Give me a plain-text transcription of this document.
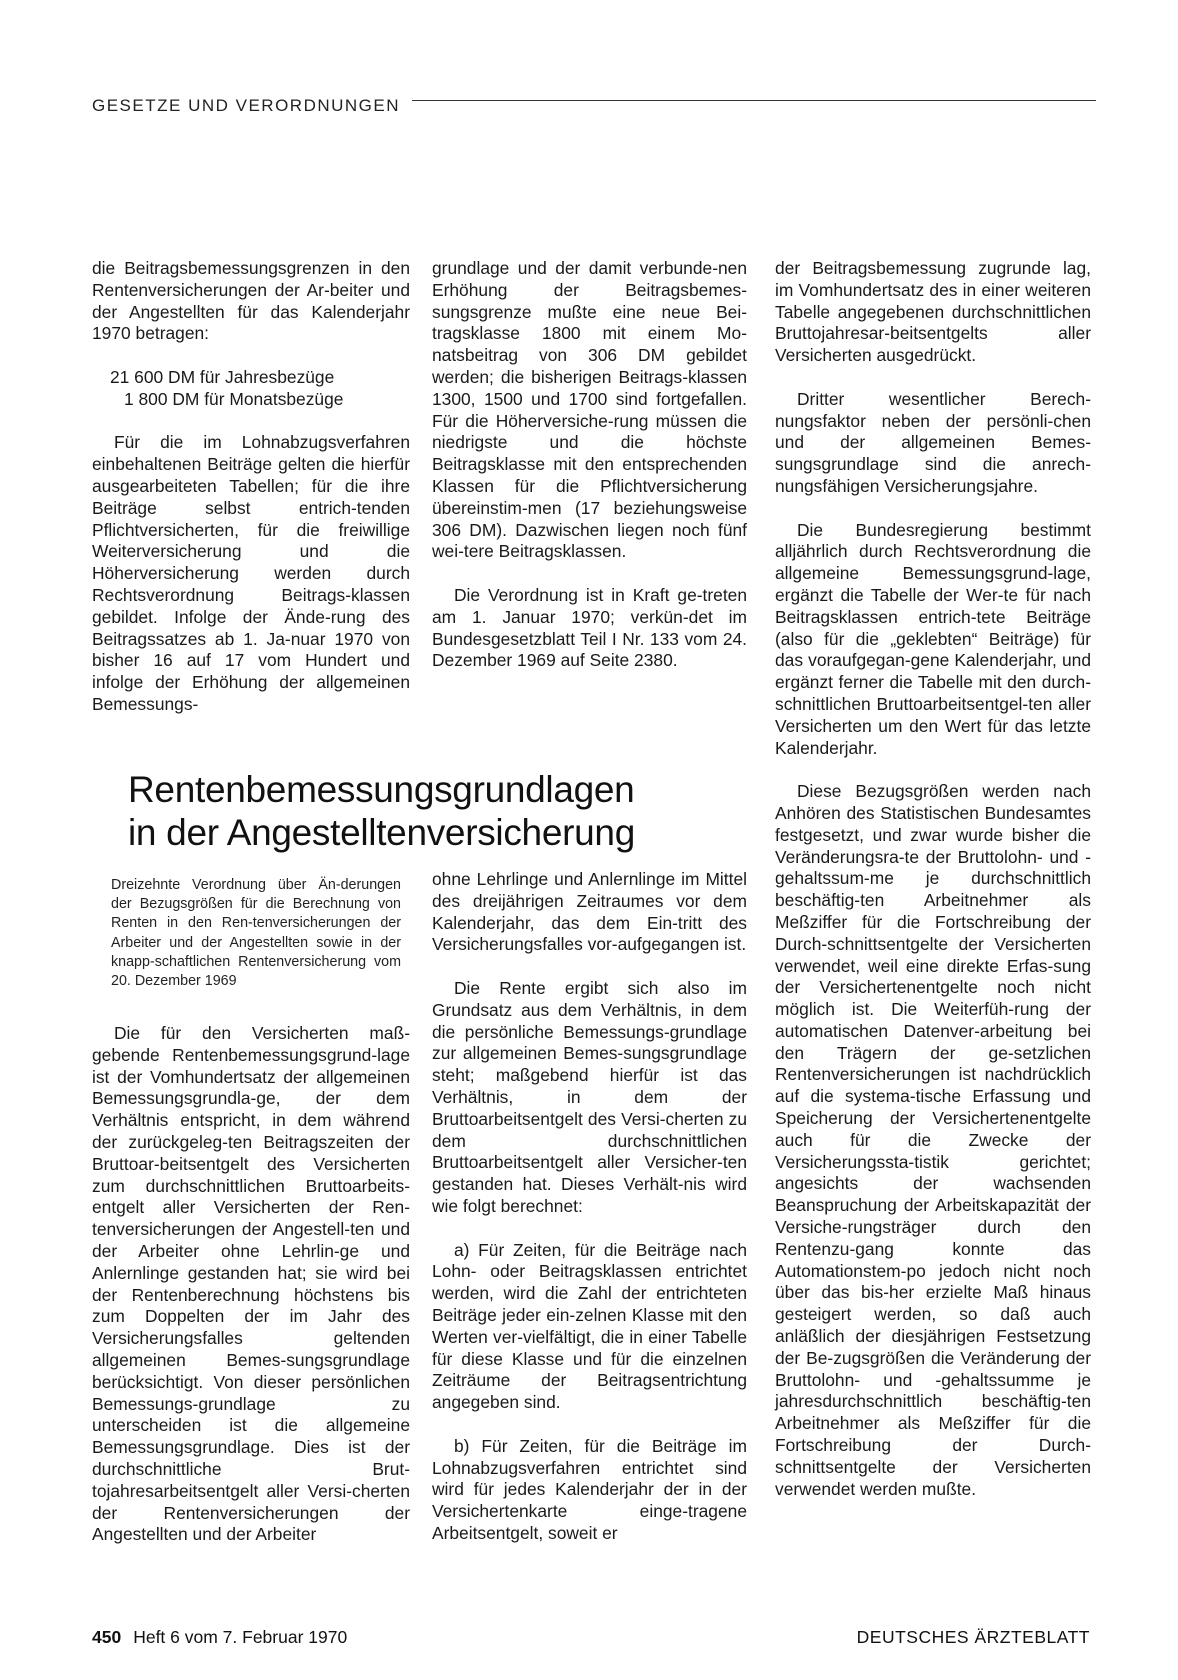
GESETZE UND VERORDNUNGEN

die Beitragsbemessungsgrenzen in den Rentenversicherungen der Ar-beiter und der Angestellten für das Kalenderjahr 1970 betragen:

21 600 DM für Jahresbezüge
1 800 DM für Monatsbezüge

Für die im Lohnabzugsverfahren einbehaltenen Beiträge gelten die hierfür ausgearbeiteten Tabellen; für die ihre Beiträge selbst entrich-tenden Pflichtversicherten, für die freiwillige Weiterversicherung und die Höherversicherung werden durch Rechtsverordnung Beitrags-klassen gebildet. Infolge der Ände-rung des Beitragssatzes ab 1. Ja-nuar 1970 von bisher 16 auf 17 vom Hundert und infolge der Erhöhung der allgemeinen Bemessungs-

grundlage und der damit verbunde-nen Erhöhung der Beitragsbemes-sungsgrenze mußte eine neue Bei-tragsklasse 1800 mit einem Mo-natsbeitrag von 306 DM gebildet werden; die bisherigen Beitrags-klassen 1300, 1500 und 1700 sind fortgefallen. Für die Höherversiche-rung müssen die niedrigste und die höchste Beitragsklasse mit den entsprechenden Klassen für die Pflichtversicherung übereinstim-men (17 beziehungsweise 306 DM). Dazwischen liegen noch fünf wei-tere Beitragsklassen.

Die Verordnung ist in Kraft ge-treten am 1. Januar 1970; verkün-det im Bundesgesetzblatt Teil I Nr. 133 vom 24. Dezember 1969 auf Seite 2380.

Rentenbemessungsgrundlagen
in der Angestelltenversicherung
Dreizehnte Verordnung über Än-derungen der Bezugsgrößen für die Berechnung von Renten in den Ren-tenversicherungen der Arbeiter und der Angestellten sowie in der knapp-schaftlichen Rentenversicherung vom 20. Dezember 1969

Die für den Versicherten maß-gebende Rentenbemessungsgrund-lage ist der Vomhundertsatz der allgemeinen Bemessungsgrundla-ge, der dem Verhältnis entspricht, in dem während der zurückgeleg-ten Beitragszeiten der Bruttoar-beitsentgelt des Versicherten zum durchschnittlichen Bruttoarbeits-entgelt aller Versicherten der Ren-tenversicherungen der Angestell-ten und der Arbeiter ohne Lehrlin-ge und Anlernlinge gestanden hat; sie wird bei der Rentenberechnung höchstens bis zum Doppelten der im Jahr des Versicherungsfalles geltenden allgemeinen Bemes-sungsgrundlage berücksichtigt. Von dieser persönlichen Bemessungs-grundlage zu unterscheiden ist die allgemeine Bemessungsgrundlage. Dies ist der durchschnittliche Brut-tojahresarbeitsentgelt aller Versi-cherten der Rentenversicherungen der Angestellten und der Arbeiter

ohne Lehrlinge und Anlernlinge im Mittel des dreijährigen Zeitraumes vor dem Kalenderjahr, das dem Ein-tritt des Versicherungsfalles vor-aufgegangen ist.

Die Rente ergibt sich also im Grundsatz aus dem Verhältnis, in dem die persönliche Bemessungs-grundlage zur allgemeinen Bemes-sungsgrundlage steht; maßgebend hierfür ist das Verhältnis, in dem der Bruttoarbeitsentgelt des Versi-cherten zu dem durchschnittlichen Bruttoarbeitsentgelt aller Versicher-ten gestanden hat. Dieses Verhält-nis wird wie folgt berechnet:

a) Für Zeiten, für die Beiträge nach Lohn- oder Beitragsklassen entrichtet werden, wird die Zahl der entrichteten Beiträge jeder ein-zelnen Klasse mit den Werten ver-vielfältigt, die in einer Tabelle für diese Klasse und für die einzelnen Zeiträume der Beitragsentrichtung angegeben sind.

b) Für Zeiten, für die Beiträge im Lohnabzugsverfahren entrichtet sind wird für jedes Kalenderjahr der in der Versichertenkarte einge-tragene Arbeitsentgelt, soweit er

der Beitragsbemessung zugrunde lag, im Vomhundertsatz des in einer weiteren Tabelle angegebenen durchschnittlichen Bruttojahresar-beitsentgelts aller Versicherten ausgedrückt.

Dritter wesentlicher Berech-nungsfaktor neben der persönli-chen und der allgemeinen Bemes-sungsgrundlage sind die anrech-nungsfähigen Versicherungsjahre.

Die Bundesregierung bestimmt alljährlich durch Rechtsverordnung die allgemeine Bemessungsgrund-lage, ergänzt die Tabelle der Wer-te für nach Beitragsklassen entrich-tete Beiträge (also für die „geklebten“ Beiträge) für das voraufgegan-gene Kalenderjahr, und ergänzt ferner die Tabelle mit den durch-schnittlichen Bruttoarbeitsentgel-ten aller Versicherten um den Wert für das letzte Kalenderjahr.

Diese Bezugsgrößen werden nach Anhören des Statistischen Bundesamtes festgesetzt, und zwar wurde bisher die Veränderungsra-te der Bruttolohn- und -gehaltssum-me je durchschnittlich beschäftig-ten Arbeitnehmer als Meßziffer für die Fortschreibung der Durch-schnittsentgelte der Versicherten verwendet, weil eine direkte Erfas-sung der Versichertenentgelte noch nicht möglich ist. Die Weiterfüh-rung der automatischen Datenver-arbeitung bei den Trägern der ge-setzlichen Rentenversicherungen ist nachdrücklich auf die systema-tische Erfassung und Speicherung der Versichertenentgelte auch für die Zwecke der Versicherungssta-tistik gerichtet; angesichts der wachsenden Beanspruchung der Arbeitskapazität der Versiche-rungsträger durch den Rentenzu-gang konnte das Automationstem-po jedoch nicht noch über das bis-her erzielte Maß hinaus gesteigert werden, so daß auch anläßlich der diesjährigen Festsetzung der Be-zugsgrößen die Veränderung der Bruttolohn- und -gehaltssumme je jahresdurchschnittlich beschäftig-ten Arbeitnehmer als Meßziffer für die Fortschreibung der Durch-schnittsentgelte der Versicherten verwendet werden mußte.

450 Heft 6 vom 7. Februar 1970	DEUTSCHES ÄRZTEBLATT
